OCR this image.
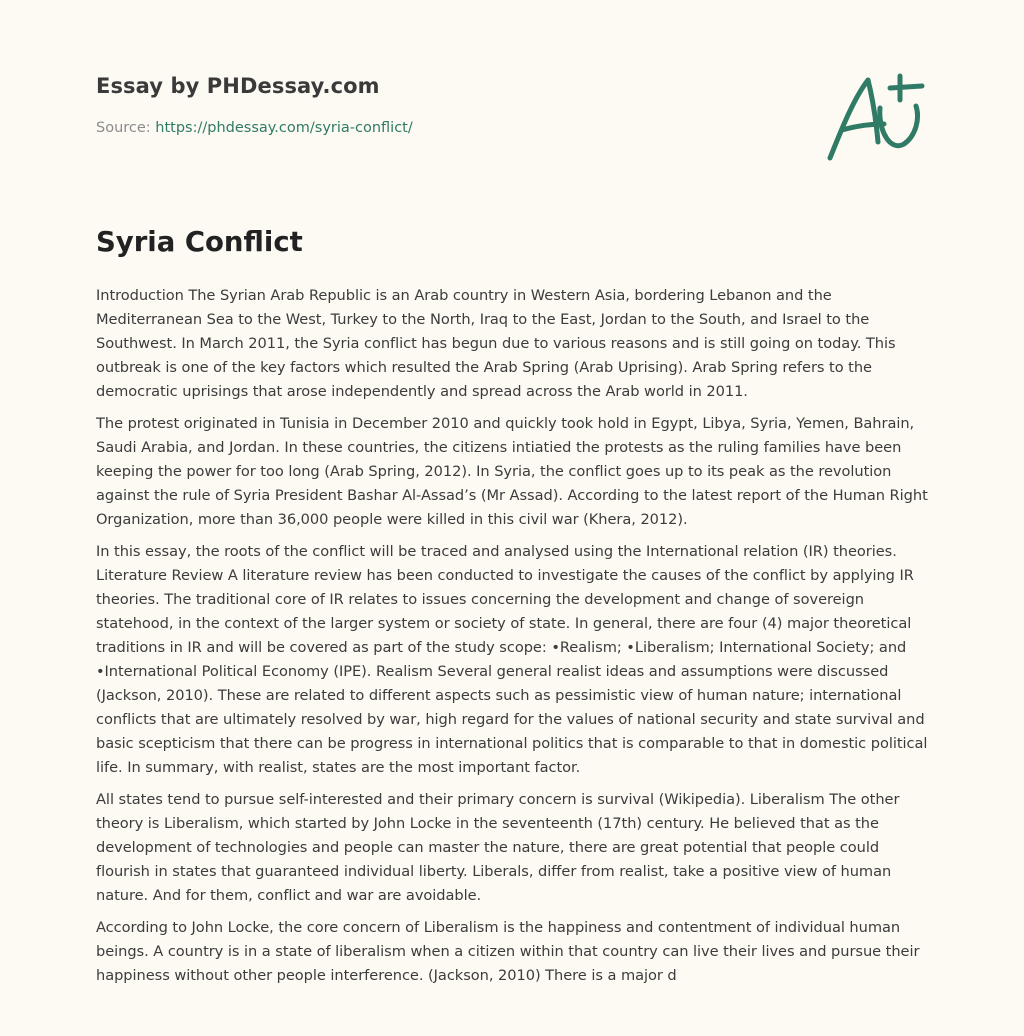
Essay by PHDessay.com
Source: https://phdessay.com/syria-conflict/
Syria Conflict

Introduction The Syrian Arab Republic is an Arab country in Western Asia, bordering Lebanon and the Mediterranean Sea to the West, Turkey to the North, Iraq to the East, Jordan to the South, and Israel to the Southwest. In March 2011, the Syria conflict has begun due to various reasons and is still going on today. This outbreak is one of the key factors which resulted the Arab Spring (Arab Uprising). Arab Spring refers to the democratic uprisings that arose independently and spread across the Arab world in 2011.

The protest originated in Tunisia in December 2010 and quickly took hold in Egypt, Libya, Syria, Yemen, Bahrain, Saudi Arabia, and Jordan. In these countries, the citizens intiatied the protests as the ruling families have been keeping the power for too long (Arab Spring, 2012). In Syria, the conflict goes up to its peak as the revolution against the rule of Syria President Bashar Al-Assad’s (Mr Assad). According to the latest report of the Human Right Organization, more than 36,000 people were killed in this civil war (Khera, 2012).

In this essay, the roots of the conflict will be traced and analysed using the International relation (IR) theories. Literature Review A literature review has been conducted to investigate the causes of the conflict by applying IR theories. The traditional core of IR relates to issues concerning the development and change of sovereign statehood, in the context of the larger system or society of state. In general, there are four (4) major theoretical traditions in IR and will be covered as part of the study scope: •Realism; •Liberalism; International Society; and •International Political Economy (IPE). Realism Several general realist ideas and assumptions were discussed (Jackson, 2010). These are related to different aspects such as pessimistic view of human nature; international conflicts that are ultimately resolved by war, high regard for the values of national security and state survival and basic scepticism that there can be progress in international politics that is comparable to that in domestic political life. In summary, with realist, states are the most important factor.

All states tend to pursue self-interested and their primary concern is survival (Wikipedia). Liberalism The other theory is Liberalism, which started by John Locke in the seventeenth (17th) century. He believed that as the development of technologies and people can master the nature, there are great potential that people could flourish in states that guaranteed individual liberty. Liberals, differ from realist, take a positive view of human nature. And for them, conflict and war are avoidable.

According to John Locke, the core concern of Liberalism is the happiness and contentment of individual human beings. A country is in a state of liberalism when a citizen within that country can live their lives and pursue their happiness without other people interference. (Jackson, 2010) There is a major d
